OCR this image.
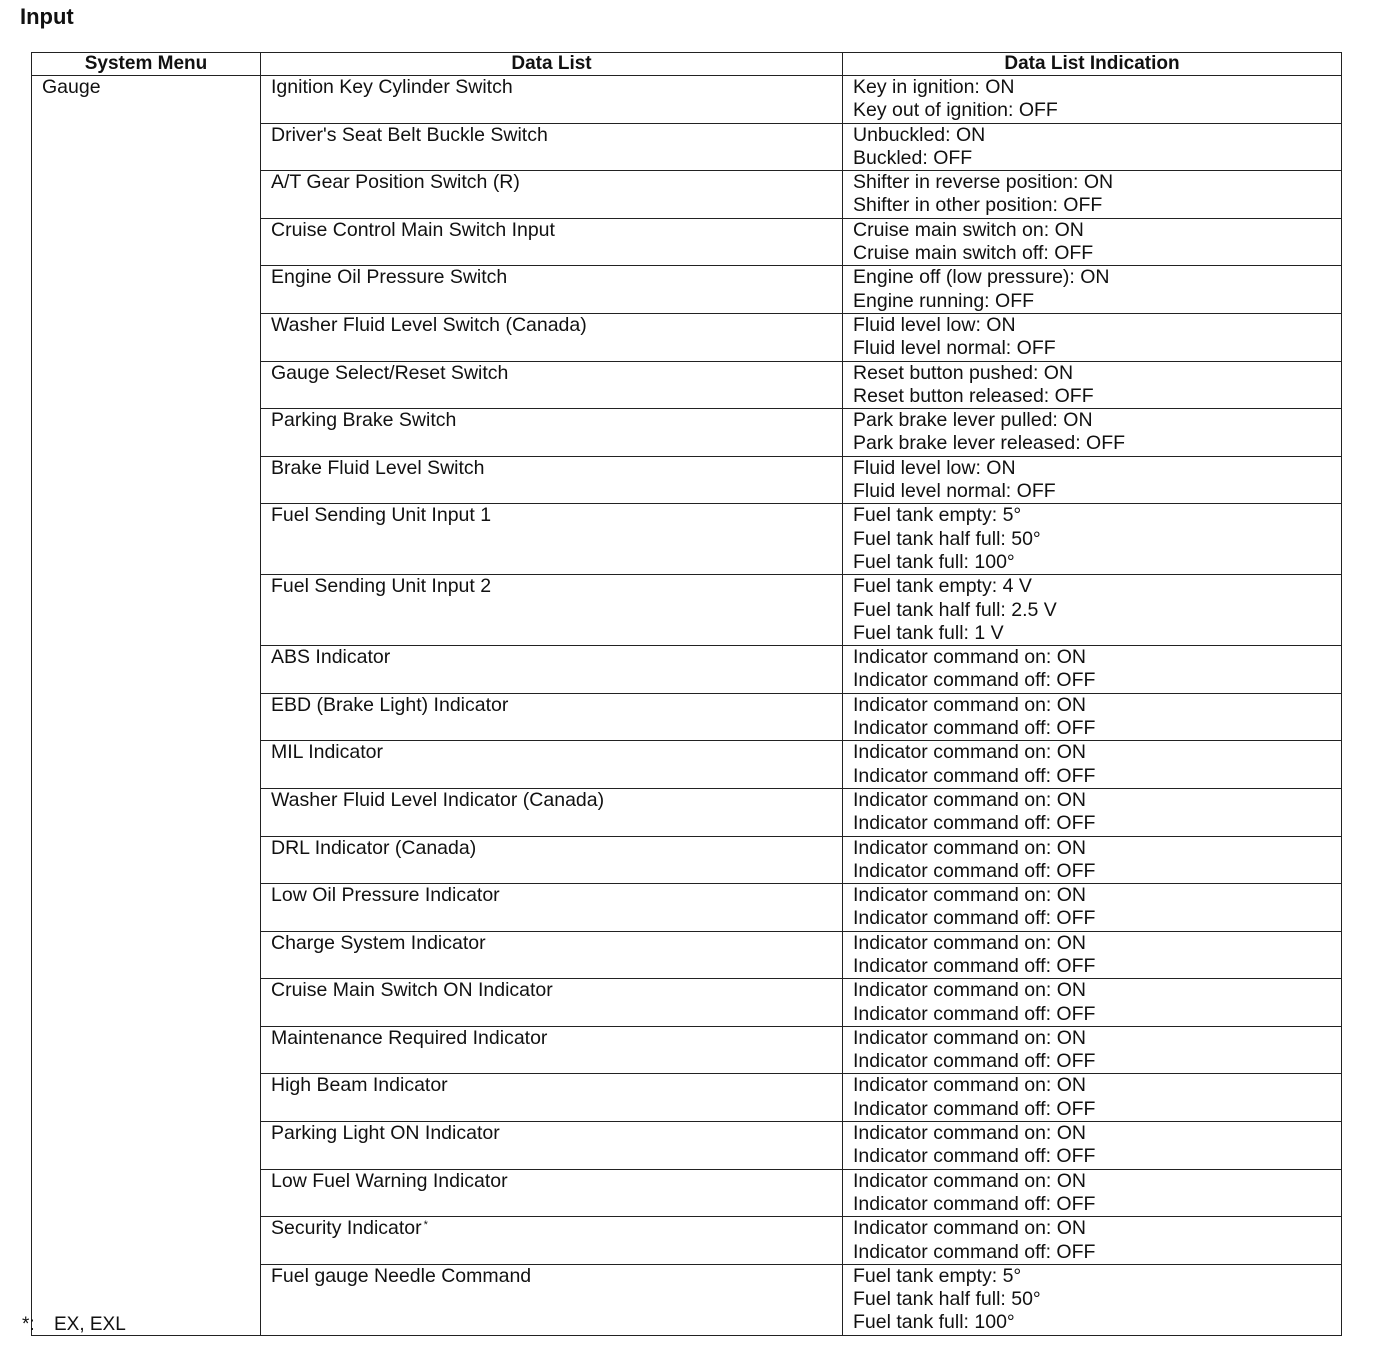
Input
System Menu	Data List	Data List Indication
Gauge	Ignition Key Cylinder Switch	Key in ignition: ON
Key out of ignition: OFF

	Driver's Seat Belt Buckle Switch	Unbuckled: ON
Buckled: OFF

	A/T Gear Position Switch (R)	Shifter in reverse position: ON
Shifter in other position: OFF

	Cruise Control Main Switch Input	Cruise main switch on: ON
Cruise main switch off: OFF

	Engine Oil Pressure Switch	Engine off (low pressure): ON
Engine running: OFF

	Washer Fluid Level Switch (Canada)	Fluid level low: ON
Fluid level normal: OFF

	Gauge Select/Reset Switch	Reset button pushed: ON
Reset button released: OFF

	Parking Brake Switch	Park brake lever pulled: ON
Park brake lever released: OFF

	Brake Fluid Level Switch	Fluid level low: ON
Fluid level normal: OFF

	Fuel Sending Unit Input 1	Fuel tank empty: 5°
Fuel tank half full: 50°
Fuel tank full: 100°

	Fuel Sending Unit Input 2	Fuel tank empty: 4 V
Fuel tank half full: 2.5 V
Fuel tank full: 1 V

	ABS Indicator	Indicator command on: ON
Indicator command off: OFF

	EBD (Brake Light) Indicator	Indicator command on: ON
Indicator command off: OFF

	MIL Indicator	Indicator command on: ON
Indicator command off: OFF

	Washer Fluid Level Indicator (Canada)	Indicator command on: ON
Indicator command off: OFF

	DRL Indicator (Canada)	Indicator command on: ON
Indicator command off: OFF

	Low Oil Pressure Indicator	Indicator command on: ON
Indicator command off: OFF

	Charge System Indicator	Indicator command on: ON
Indicator command off: OFF

	Cruise Main Switch ON Indicator	Indicator command on: ON
Indicator command off: OFF

	Maintenance Required Indicator	Indicator command on: ON
Indicator command off: OFF

	High Beam Indicator	Indicator command on: ON
Indicator command off: OFF

	Parking Light ON Indicator	Indicator command on: ON
Indicator command off: OFF

	Low Fuel Warning Indicator	Indicator command on: ON
Indicator command off: OFF

	Security Indicator *	Indicator command on: ON
Indicator command off: OFF

	Fuel gauge Needle Command	Fuel tank empty: 5°
Fuel tank half full: 50°
Fuel tank full: 100°
*: EX, EXL
